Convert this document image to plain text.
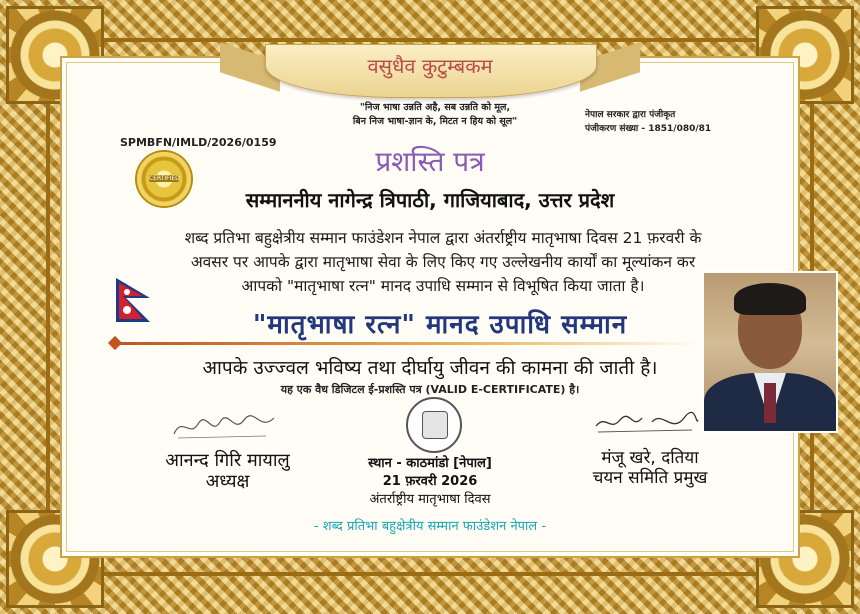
वसुधैव कुटुम्बकम
"निज भाषा उन्नति अहै, सब उन्नति को मूल,
बिन निज भाषा-ज्ञान के, मिटत न हिय को सूल"
नेपाल सरकार द्वारा पंजीकृत
पंजीकरण संख्या - 1851/080/81
SPMBFN/IMLD/2026/0159
CERTIFIED
प्रशस्ति पत्र
सम्माननीय नागेन्द्र त्रिपाठी, गाजियाबाद, उत्तर प्रदेश
शब्द प्रतिभा बहुक्षेत्रीय सम्मान फाउंडेशन नेपाल द्वारा अंतर्राष्ट्रीय मातृभाषा दिवस 21 फ़रवरी के
अवसर पर आपके द्वारा मातृभाषा सेवा के लिए किए गए उल्लेखनीय कार्यों का मूल्यांकन कर
आपको "मातृभाषा रत्न" मानद उपाधि सम्मान से विभूषित किया जाता है।
"मातृभाषा रत्न" मानद उपाधि सम्मान
आपके उज्ज्वल भविष्य तथा दीर्घायु जीवन की कामना की जाती है।
यह एक वैध डिजिटल ई-प्रशस्ति पत्र (VALID E-CERTIFICATE) है।
आनन्द गिरि मायालु
अध्यक्ष
स्थान - काठमांडो [नेपाल]
21 फ़रवरी 2026
अंतर्राष्ट्रीय मातृभाषा दिवस
मंजू खरे, दतिया
चयन समिति प्रमुख
- शब्द प्रतिभा बहुक्षेत्रीय सम्मान फाउंडेशन नेपाल -
